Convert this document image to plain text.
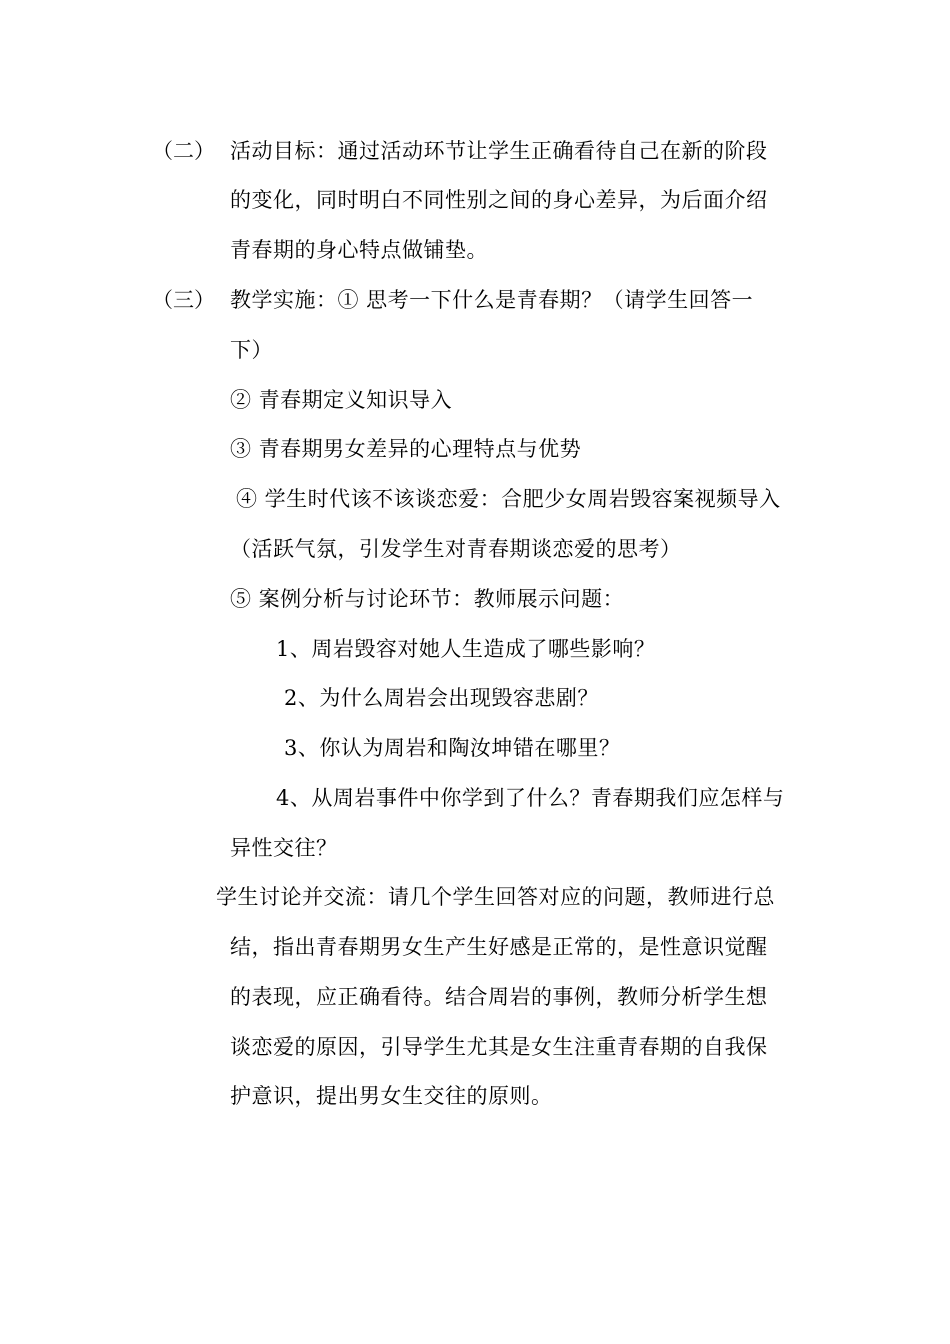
（二） 活动目标：通过活动环节让学生正确看待自己在新的阶段
的变化，同时明白不同性别之间的身心差异，为后面介绍
青春期的身心特点做铺垫。
（三） 教学实施：① 思考一下什么是青春期？（请学生回答一
下）
② 青春期定义知识导入
③ 青春期男女差异的心理特点与优势
④ 学生时代该不该谈恋爱：合肥少女周岩毁容案视频导入
（活跃气氛，引发学生对青春期谈恋爱的思考）
⑤ 案例分析与讨论环节：教师展示问题：
1、周岩毁容对她人生造成了哪些影响？
2、为什么周岩会出现毁容悲剧？
3、你认为周岩和陶汝坤错在哪里？
4、从周岩事件中你学到了什么？青春期我们应怎样与
异性交往？
学生讨论并交流：请几个学生回答对应的问题，教师进行总
结，指出青春期男女生产生好感是正常的，是性意识觉醒
的表现，应正确看待。结合周岩的事例，教师分析学生想
谈恋爱的原因，引导学生尤其是女生注重青春期的自我保
护意识，提出男女生交往的原则。
